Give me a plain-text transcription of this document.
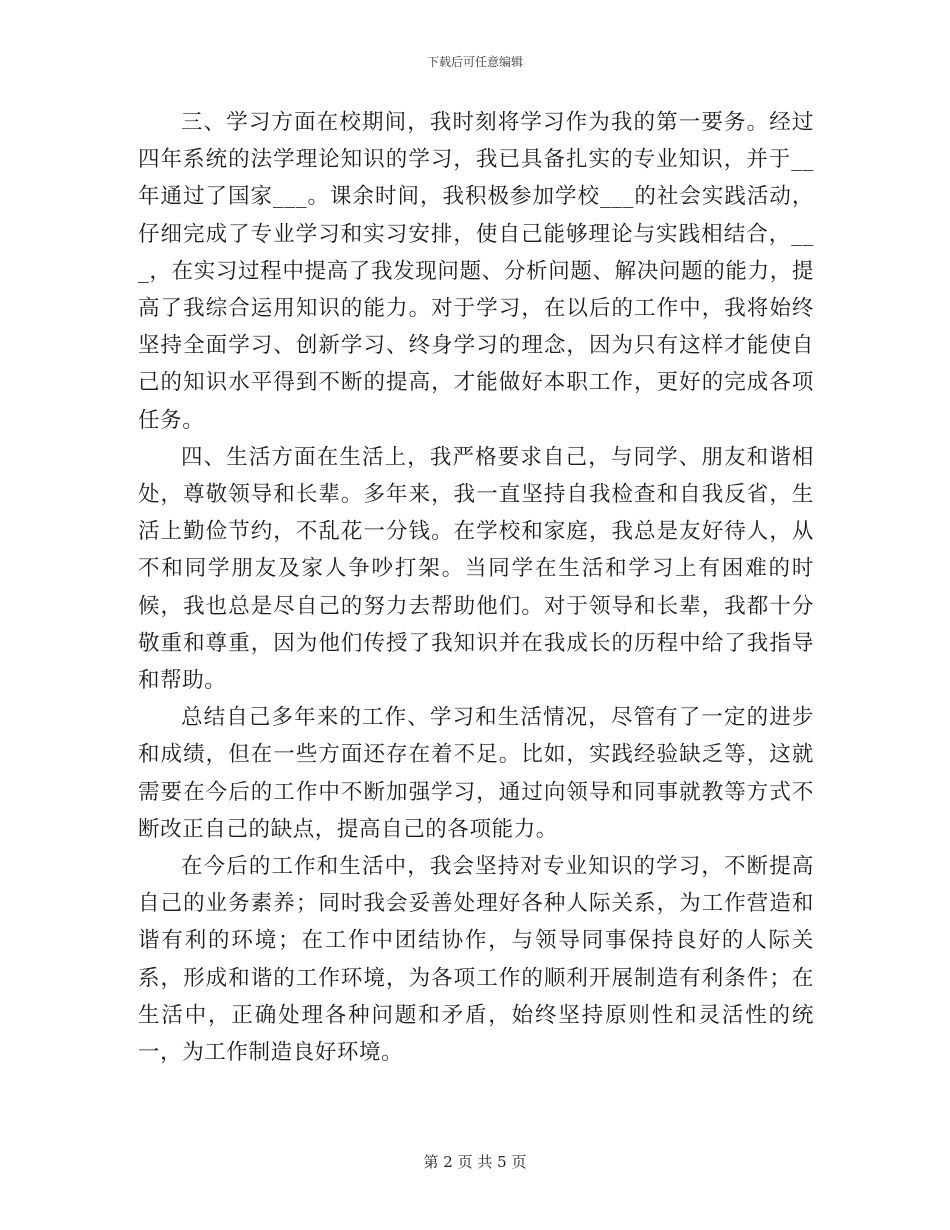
下载后可任意编辑

三、学习方面在校期间，我时刻将学习作为我的第一要务。经过四年系统的法学理论知识的学习，我已具备扎实的专业知识，并于__年通过了国家___。课余时间，我积极参加学校___的社会实践活动，仔细完成了专业学习和实习安排，使自己能够理论与实践相结合，___，在实习过程中提高了我发现问题、分析问题、解决问题的能力，提高了我综合运用知识的能力。对于学习，在以后的工作中，我将始终坚持全面学习、创新学习、终身学习的理念，因为只有这样才能使自己的知识水平得到不断的提高，才能做好本职工作，更好的完成各项任务。

四、生活方面在生活上，我严格要求自己，与同学、朋友和谐相处，尊敬领导和长辈。多年来，我一直坚持自我检查和自我反省，生活上勤俭节约，不乱花一分钱。在学校和家庭，我总是友好待人，从不和同学朋友及家人争吵打架。当同学在生活和学习上有困难的时候，我也总是尽自己的努力去帮助他们。对于领导和长辈，我都十分敬重和尊重，因为他们传授了我知识并在我成长的历程中给了我指导和帮助。

总结自己多年来的工作、学习和生活情况，尽管有了一定的进步和成绩，但在一些方面还存在着不足。比如，实践经验缺乏等，这就需要在今后的工作中不断加强学习，通过向领导和同事就教等方式不断改正自己的缺点，提高自己的各项能力。

在今后的工作和生活中，我会坚持对专业知识的学习，不断提高自己的业务素养；同时我会妥善处理好各种人际关系，为工作营造和谐有利的环境；在工作中团结协作，与领导同事保持良好的人际关系，形成和谐的工作环境，为各项工作的顺利开展制造有利条件；在生活中，正确处理各种问题和矛盾，始终坚持原则性和灵活性的统一，为工作制造良好环境。

第 2 页 共 5 页
